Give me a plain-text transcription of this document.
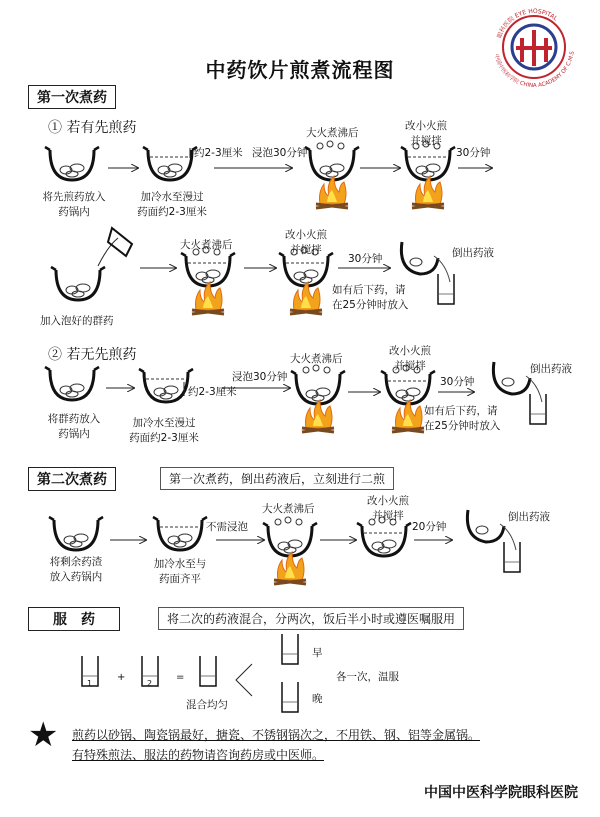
中药饮片煎煮流程图
眼科医院 EYE HOSPITAL
中国中医科学院 CHINA ACADEMY OF C.M.S
第一次煮药
第二次煮药
服　药
① 若有先煎药
将先煎药放入
药锅内
加冷水至漫过
药面约2-3厘米
约2-3厘米 浸泡30分钟
大火煮沸后
改小火煎
并搅拌
30分钟
加入泡好的群药
大火煮沸后
改小火煎
并搅拌
30分钟
如有后下药，请
在25分钟时放入
倒出药液
② 若无先煎药
将群药放入
药锅内
加冷水至漫过
药面约2-3厘米
约2-3厘米
浸泡30分钟
大火煮沸后
改小火煎
并搅拌
30分钟
如有后下药，请
在25分钟时放入
倒出药液
第一次煮药，倒出药液后，立刻进行二煎
将剩余药渣
放入药锅内
加冷水至与
药面齐平
不需浸泡
大火煮沸后
改小火煎
并搅拌
20分钟
倒出药液
将二次的药液混合，分两次，饭后半小时或遵医嘱服用
1
+
2
=
混合均匀
早
晚
各一次，温服
★ 煎药以砂锅、陶瓷锅最好，搪瓷、不锈钢锅次之，不用铁、钢、铝等金属锅。
有特殊煎法、服法的药物请咨询药房或中医师。
中国中医科学院眼科医院
